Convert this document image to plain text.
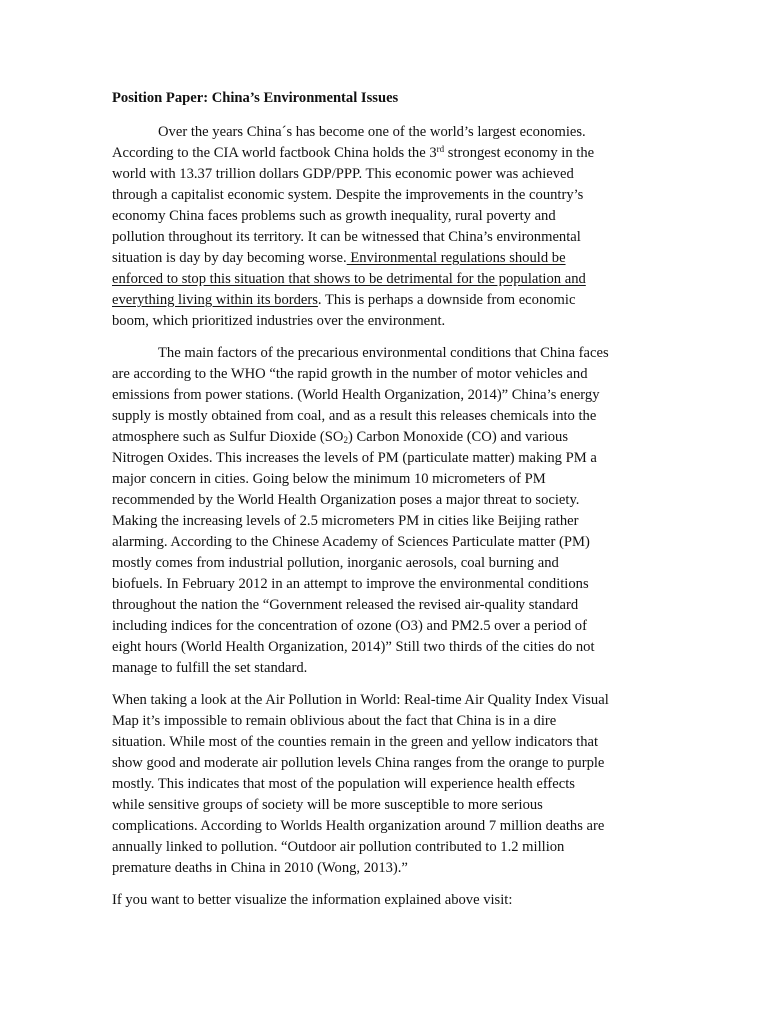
Position Paper: China’s Environmental Issues
Over the years China´s has become one of the world’s largest economies.
According to the CIA world factbook China holds the 3rd strongest economy in the
world with 13.37 trillion dollars GDP/PPP. This economic power was achieved
through a capitalist economic system. Despite the improvements in the country’s
economy China faces problems such as growth inequality, rural poverty and
pollution throughout its territory. It can be witnessed that China’s environmental
situation is day by day becoming worse. Environmental regulations should be
enforced to stop this situation that shows to be detrimental for the population and
everything living within its borders. This is perhaps a downside from economic
boom, which prioritized industries over the environment.
The main factors of the precarious environmental conditions that China faces
are according to the WHO “the rapid growth in the number of motor vehicles and
emissions from power stations. (World Health Organization, 2014)” China’s energy
supply is mostly obtained from coal, and as a result this releases chemicals into the
atmosphere such as Sulfur Dioxide $(SO_2)$ Carbon Monoxide (CO) and various
Nitrogen Oxides. This increases the levels of PM (particulate matter) making PM a
major concern in cities. Going below the minimum 10 micrometers of PM
recommended by the World Health Organization poses a major threat to society.
Making the increasing levels of 2.5 micrometers PM in cities like Beijing rather
alarming. According to the Chinese Academy of Sciences Particulate matter (PM)
mostly comes from industrial pollution, inorganic aerosols, coal burning and
biofuels. In February 2012 in an attempt to improve the environmental conditions
throughout the nation the “Government released the revised air-quality standard
including indices for the concentration of ozone (O3) and PM2.5 over a period of
eight hours (World Health Organization, 2014)” Still two thirds of the cities do not
manage to fulfill the set standard.
When taking a look at the Air Pollution in World: Real-time Air Quality Index Visual
Map it’s impossible to remain oblivious about the fact that China is in a dire
situation. While most of the counties remain in the green and yellow indicators that
show good and moderate air pollution levels China ranges from the orange to purple
mostly. This indicates that most of the population will experience health effects
while sensitive groups of society will be more susceptible to more serious
complications. According to Worlds Health organization around 7 million deaths are
annually linked to pollution. “Outdoor air pollution contributed to 1.2 million
premature deaths in China in 2010 (Wong, 2013).”
If you want to better visualize the information explained above visit:
